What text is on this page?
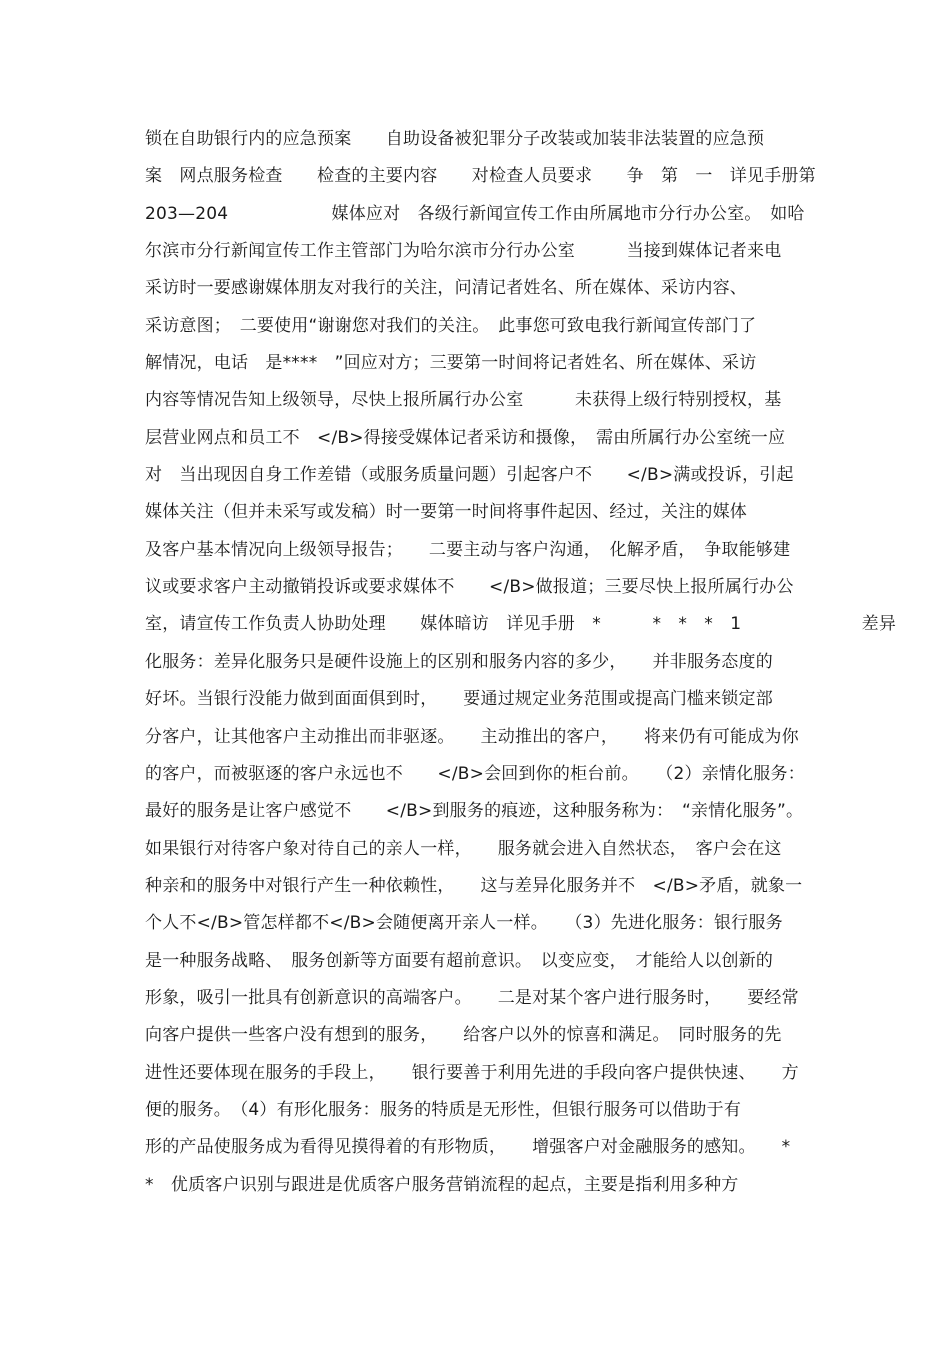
锁在自助银行内的应急预案　　自助设备被犯罪分子改装或加装非法装置的应急预
案　网点服务检查　　检查的主要内容　　对检查人员要求　　争　第　一　详见手册第
203—204　　　　　　媒体应对　各级行新闻宣传工作由所属地市分行办公室。　如哈
尔滨市分行新闻宣传工作主管部门为哈尔滨市分行办公室　　　当接到媒体记者来电
采访时一要感谢媒体朋友对我行的关注，问清记者姓名、所在媒体、采访内容、
采访意图；　二要使用“谢谢您对我们的关注。　此事您可致电我行新闻宣传部门了
解情况，电话　是****　”回应对方；三要第一时间将记者姓名、所在媒体、采访
内容等情况告知上级领导，尽快上报所属行办公室　　　未获得上级行特别授权，基
层营业网点和员工不　</B>得接受媒体记者采访和摄像，　需由所属行办公室统一应
对　当出现因自身工作差错（或服务质量问题）引起客户不　　</B>满或投诉，引起
媒体关注（但并未采写或发稿）时一要第一时间将事件起因、经过，关注的媒体
及客户基本情况向上级领导报告；　　二要主动与客户沟通，　化解矛盾，　争取能够建
议或要求客户主动撤销投诉或要求媒体不　　</B>做报道；三要尽快上报所属行办公
室，请宣传工作负责人协助处理　　媒体暗访　详见手册　*　　　*　*　*　1　　　　　　　差异
化服务：差异化服务只是硬件设施上的区别和服务内容的多少，　　并非服务态度的
好坏。当银行没能力做到面面俱到时，　　要通过规定业务范围或提高门槛来锁定部
分客户，让其他客户主动推出而非驱逐。　　主动推出的客户，　　将来仍有可能成为你
的客户，而被驱逐的客户永远也不　　</B>会回到你的柜台前。　　（2）亲情化服务：
最好的服务是让客户感觉不　　</B>到服务的痕迹，这种服务称为：　“亲情化服务”。
如果银行对待客户象对待自己的亲人一样，　　服务就会进入自然状态，　客户会在这
种亲和的服务中对银行产生一种依赖性，　　这与差异化服务并不　</B>矛盾，就象一
个人不</B>管怎样都不</B>会随便离开亲人一样。　　（3）先进化服务：银行服务
是一种服务战略、　服务创新等方面要有超前意识。　以变应变，　才能给人以创新的
形象，吸引一批具有创新意识的高端客户。　　二是对某个客户进行服务时，　　要经常
向客户提供一些客户没有想到的服务，　　给客户以外的惊喜和满足。　同时服务的先
进性还要体现在服务的手段上，　　银行要善于利用先进的手段向客户提供快速、　　方
便的服务。　（4）有形化服务：服务的特质是无形性，但银行服务可以借助于有
形的产品使服务成为看得见摸得着的有形物质，　　增强客户对金融服务的感知。　　*
*　优质客户识别与跟进是优质客户服务营销流程的起点，主要是指利用多种方
